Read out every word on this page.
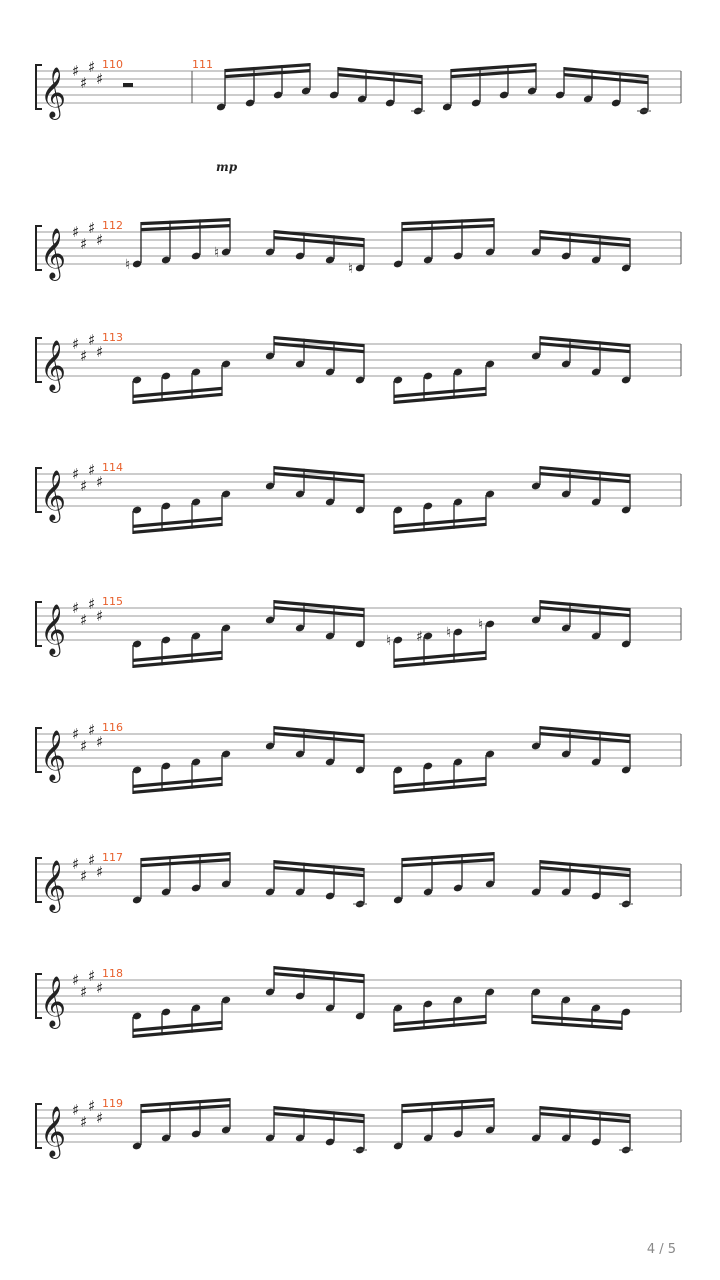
𝄞 ♯
♯
♯
♯
110	111
mp
𝄞 ♯
♯
♯
♯
112
♮
♮
♮
𝄞 ♯
♯
♯
♯
113
𝄞 ♯
♯
♯
♯
114
𝄞 ♯
♯
♯
♯
115
♮ ♯ ♮ ♮
𝄞 ♯
♯
♯
♯
116
𝄞 ♯
♯
♯
♯
117
𝄞 ♯
♯
♯
♯
118
𝄞 ♯
♯
♯
♯
119
4 / 5
